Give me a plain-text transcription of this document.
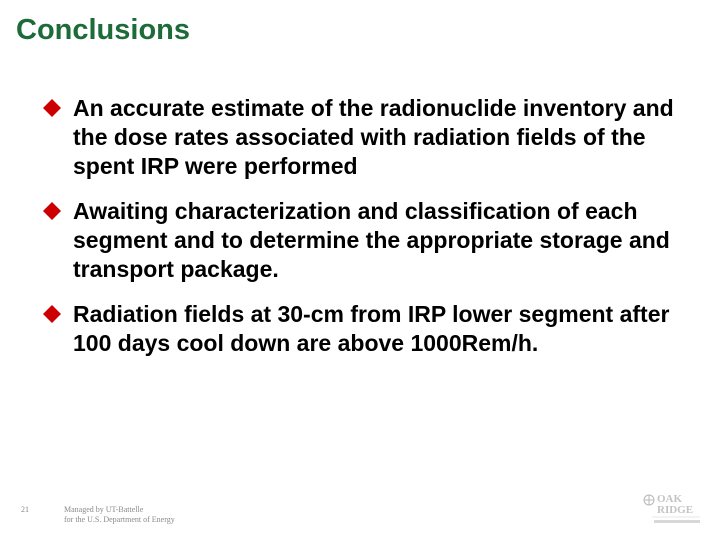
Conclusions
An accurate estimate of the radionuclide inventory and the dose rates associated with radiation fields of the spent IRP were performed
Awaiting characterization and classification of each segment and to determine the appropriate storage and transport package.
Radiation fields at 30-cm from IRP lower segment after 100 days cool down are above 1000Rem/h.
21	Managed by UT-Battelle
for the U.S. Department of Energy
OAK
RIDGE
